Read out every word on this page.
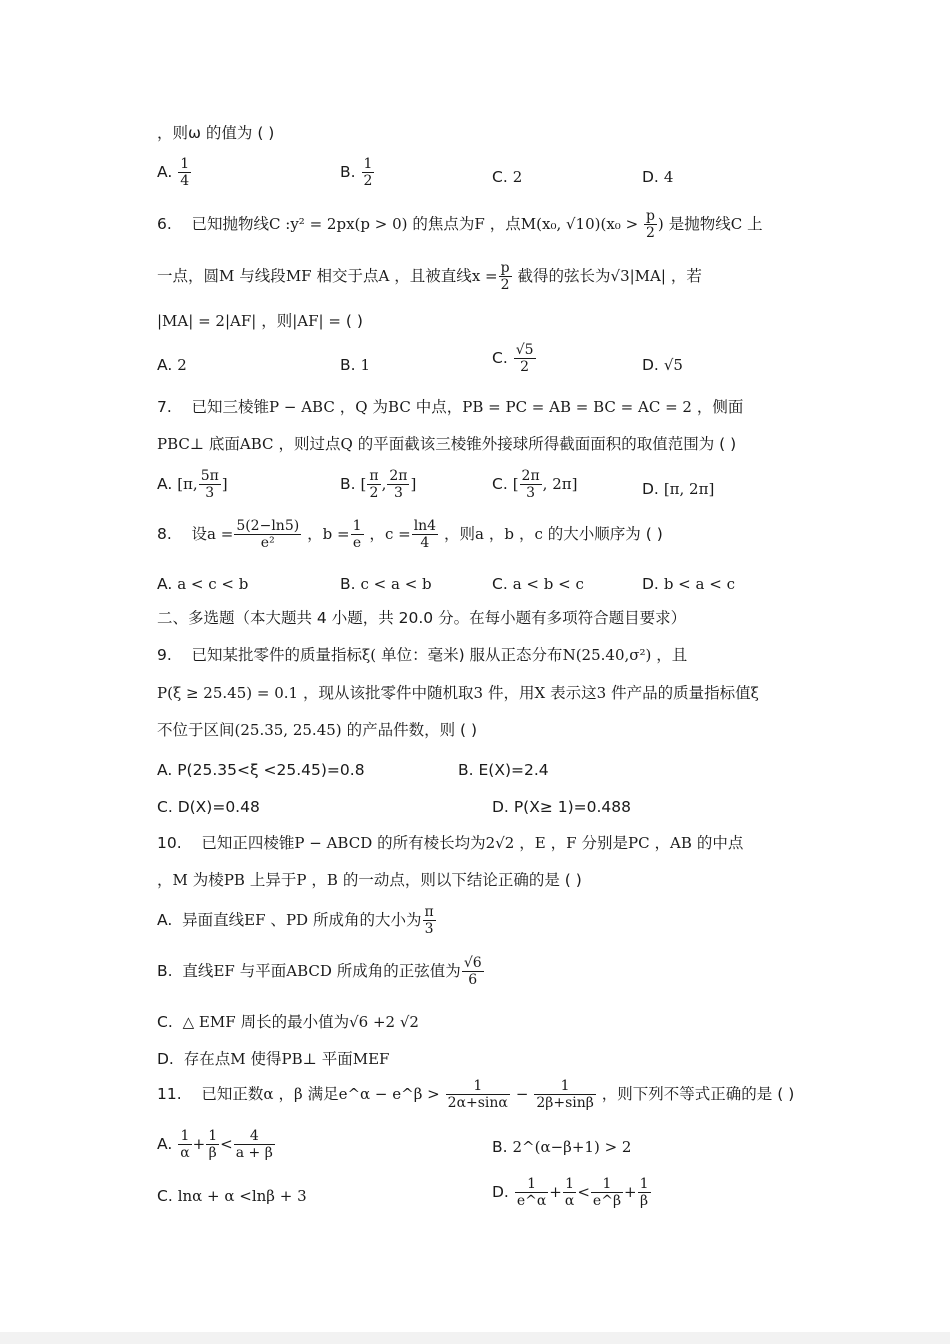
，则ω 的值为 ( )
A. $\frac{1}{4}$	B. $\frac{1}{2}$	C. 2	D. 4
6. 已知抛物线C :y² = 2px(p > 0) 的焦点为F ，点M(x₀, $√10)(x_0 > \frac{p}{2}$ ) 是抛物线C 上
一点，圆M 与线段MF 相交于点A ，且被直线$x = \frac{p}{2}$ 截得的弦长为√3|MA| ，若
|MA| = 2|AF| ，则|AF| = ( )
A. 2	B. 1	C. $\frac{√5}{2}$	D. √5
7. 已知三棱锥P − ABC ，Q 为BC 中点，PB = PC = AB = BC = AC = 2 ，侧面
PBC⊥ 底面ABC ，则过点Q 的平面截该三棱锥外接球所得截面面积的取值范围为 ( )
A. [π, $\frac{5\pi}{3}$ ]	B. [ $\frac{\pi}{2}$ , $\frac{2\pi}{3}$ ]	C. [ $\frac{2\pi}{3}$ , 2π]	D. [π, 2π]
8. 设$a = \frac{5(2-\ln 5)}{\text{e²}}$ ，$b = \frac{1}{e}$ ，$c = \frac{\ln 4}{4}$ ，则a ，b ，c 的大小顺序为 ( )
A. a < c < b	B. c < a < b	C. a < b < c	D. b < a < c
二、多选题（本大题共 4 小题，共 20.0 分。在每小题有多项符合题目要求）
9. 已知某批零件的质量指标ξ( 单位：毫米) 服从正态分布N(25.40,σ²) ，且
P(ξ ≥ 25.45) = 0.1 ，现从该批零件中随机取3 件，用X 表示这3 件产品的质量指标值ξ
不位于区间(25.35, 25.45) 的产品件数，则 ( )
A. P(25.35<ξ <25.45)=0.8	B. E(X)=2.4
C. D(X)=0.48	D. P(X≥ 1)=0.488
10. 已知正四棱锥P − ABCD 的所有棱长均为2√2 ，E ，F 分别是PC ，AB 的中点
，M 为棱PB 上异于P ，B 的一动点，则以下结论正确的是 ( )
A. 异面直线EF 、PD 所成角的大小为 $\frac{\pi}{3}$
B. 直线EF 与平面ABCD 所成角的正弦值为 $\frac{√6}{6}$
C. △ EMF 周长的最小值为√6 +2 √2
D. 存在点M 使得PB⊥ 平面MEF
11. 已知正数α ，β 满足e^α − e^β > $\frac{1}{2\alpha+\sin\alpha} - \frac{1}{2\beta+\sin\beta}$ ，则下列不等式正确的是 ( )
A. $\frac{1}{\alpha} + \frac{1}{\beta} < \frac{4}{a + \beta}$	B. 2^(α−β+1) > 2
C. lnα + α <lnβ + 3	D. $\frac{1}{e\^{}\alpha} + \frac{1}{\alpha} < \frac{1}{e\^{}\beta} + \frac{1}{\beta}$
